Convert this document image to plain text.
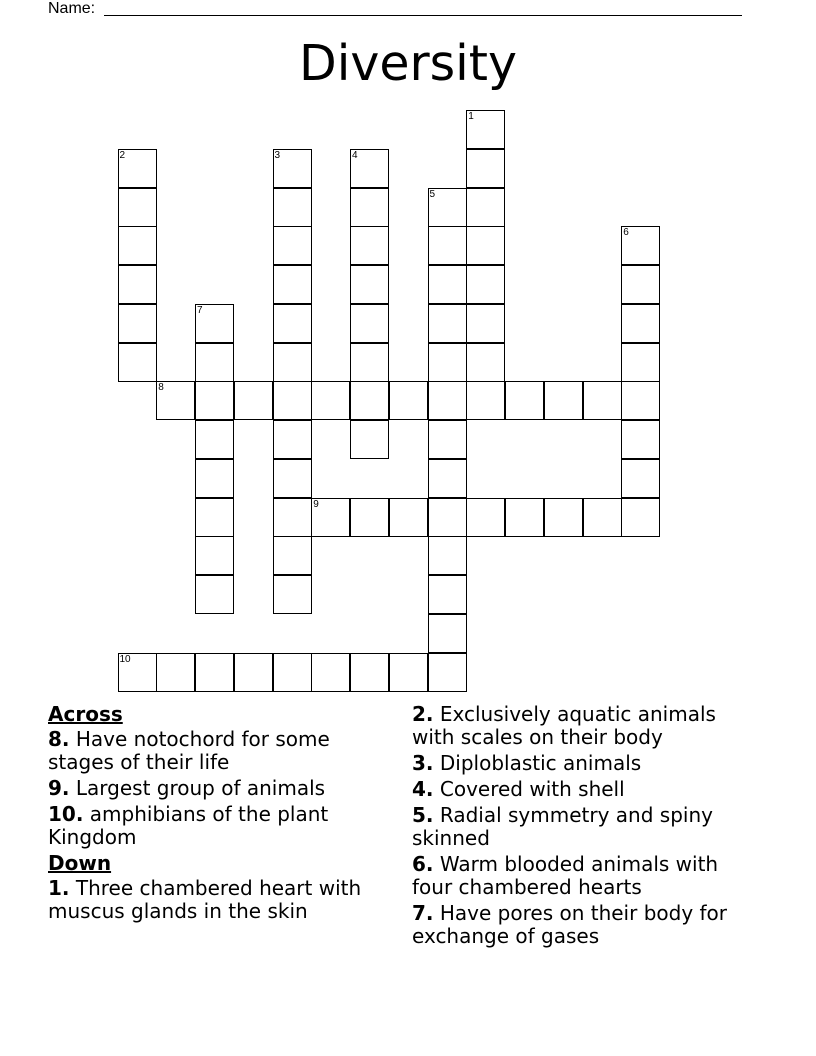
Name:
Diversity
1
2	3	4
5
6
7
8
9
10
Across
8. Have notochord for some stages of their life
9. Largest group of animals
10. amphibians of the plant Kingdom
Down
1. Three chambered heart with muscus glands in the skin
2. Exclusively aquatic animals with scales on their body
3. Diploblastic animals
4. Covered with shell
5. Radial symmetry and spiny skinned
6. Warm blooded animals with four chambered hearts
7. Have pores on their body for exchange of gases
